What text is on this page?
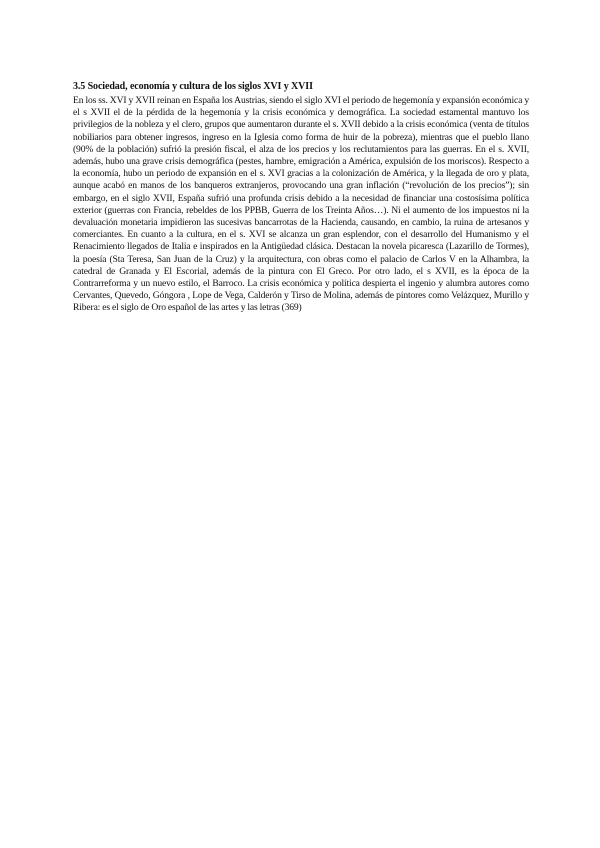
3.5 Sociedad, economía y cultura de los siglos XVI y XVII

En los ss. XVI y XVII reinan en España los Austrias, siendo el siglo XVI el periodo de hegemonía y expansión económica y el s XVII el de la pérdida de la hegemonía y la crisis económica y demográfica. La sociedad estamental mantuvo los privilegios de la nobleza y el clero, grupos que aumentaron durante el s. XVII debido a la crisis económica (venta de títulos nobiliarios para obtener ingresos, ingreso en la Iglesia como forma de huir de la pobreza), mientras que el pueblo llano (90% de la población) sufrió la presión fiscal, el alza de los precios y los reclutamientos para las guerras. En el s. XVII, además, hubo una grave crisis demográfica (pestes, hambre, emigración a América, expulsión de los moriscos). Respecto a la economía, hubo un periodo de expansión en el s. XVI gracias a la colonización de América, y la llegada de oro y plata, aunque acabó en manos de los banqueros extranjeros, provocando una gran inflación (“revolución de los precios”); sin embargo, en el siglo XVII, España sufrió una profunda crisis debido a la necesidad de financiar una costosísima política exterior (guerras con Francia, rebeldes de los PPBB, Guerra de los Treinta Años…). Ni el aumento de los impuestos ni la devaluación monetaria impidieron las sucesivas bancarrotas de la Hacienda, causando, en cambio, la ruina de artesanos y comerciantes. En cuanto a la cultura, en el s. XVI se alcanza un gran esplendor, con el desarrollo del Humanismo y el Renacimiento llegados de Italia e inspirados en la Antigüedad clásica. Destacan la novela picaresca (Lazarillo de Tormes), la poesía (Sta Teresa, San Juan de la Cruz) y la arquitectura, con obras como el palacio de Carlos V en la Alhambra, la catedral de Granada y El Escorial, además de la pintura con El Greco. Por otro lado, el s XVII, es la época de la Contrarreforma y un nuevo estilo, el Barroco. La crisis económica y política despierta el ingenio y alumbra autores como Cervantes, Quevedo, Góngora , Lope de Vega, Calderón y Tirso de Molina, además de pintores como Velázquez, Murillo y Ribera: es el siglo de Oro español de las artes y las letras (369)
